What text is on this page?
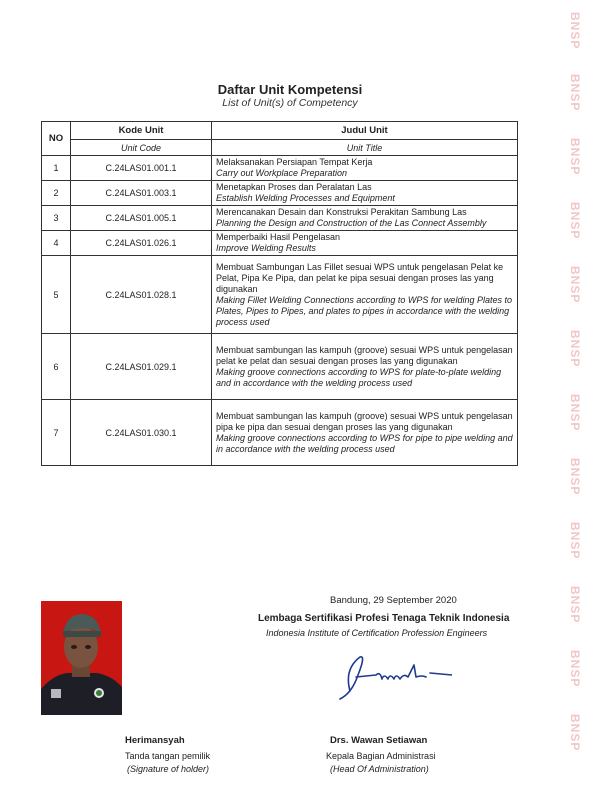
BNSP
BNSP
BNSP
BNSP
BNSP
BNSP
BNSP
BNSP
BNSP
BNSP
BNSP
BNSP
Daftar Unit Kompetensi
List of Unit(s) of Competency
NO	Kode Unit	Judul Unit
	Unit Code	Unit Title
1	C.24LAS01.001.1	Melaksanakan Persiapan Tempat Kerja
Carry out Workplace Preparation

2	C.24LAS01.003.1	Menetapkan Proses dan Peralatan Las
Establish Welding Processes and Equipment

3	C.24LAS01.005.1	Merencanakan Desain dan Konstruksi Perakitan Sambung Las
Planning the Design and Construction of the Las Connect Assembly

4	C.24LAS01.026.1	Memperbaiki Hasil Pengelasan
Improve Welding Results

5	C.24LAS01.028.1	Membuat Sambungan Las Fillet sesuai WPS untuk pengelasan Pelat ke Pelat, Pipa Ke Pipa, dan pelat ke pipa sesuai dengan proses las yang digunakan
Making Fillet Welding Connections according to WPS for welding Plates to Plates, Pipes to Pipes, and plates to pipes in accordance with the welding process used

6	C.24LAS01.029.1	Membuat sambungan las kampuh (groove) sesuai WPS untuk pengelasan pelat ke pelat dan sesuai dengan proses las yang digunakan
Making groove connections according to WPS for plate-to-plate welding and in accordance with the welding process used

7	C.24LAS01.030.1	Membuat sambungan las kampuh (groove) sesuai WPS untuk pengelasan pipa ke pipa dan sesuai dengan proses las yang digunakan
Making groove connections according to WPS for pipe to pipe welding and in accordance with the welding process used
Bandung, 29 September 2020
Lembaga Sertifikasi Profesi Tenaga Teknik Indonesia
Indonesia Institute of Certification Profession Engineers
Herimansyah
Tanda tangan pemilik
(Signature of holder)
Drs. Wawan Setiawan
Kepala Bagian Administrasi
(Head Of Administration)
